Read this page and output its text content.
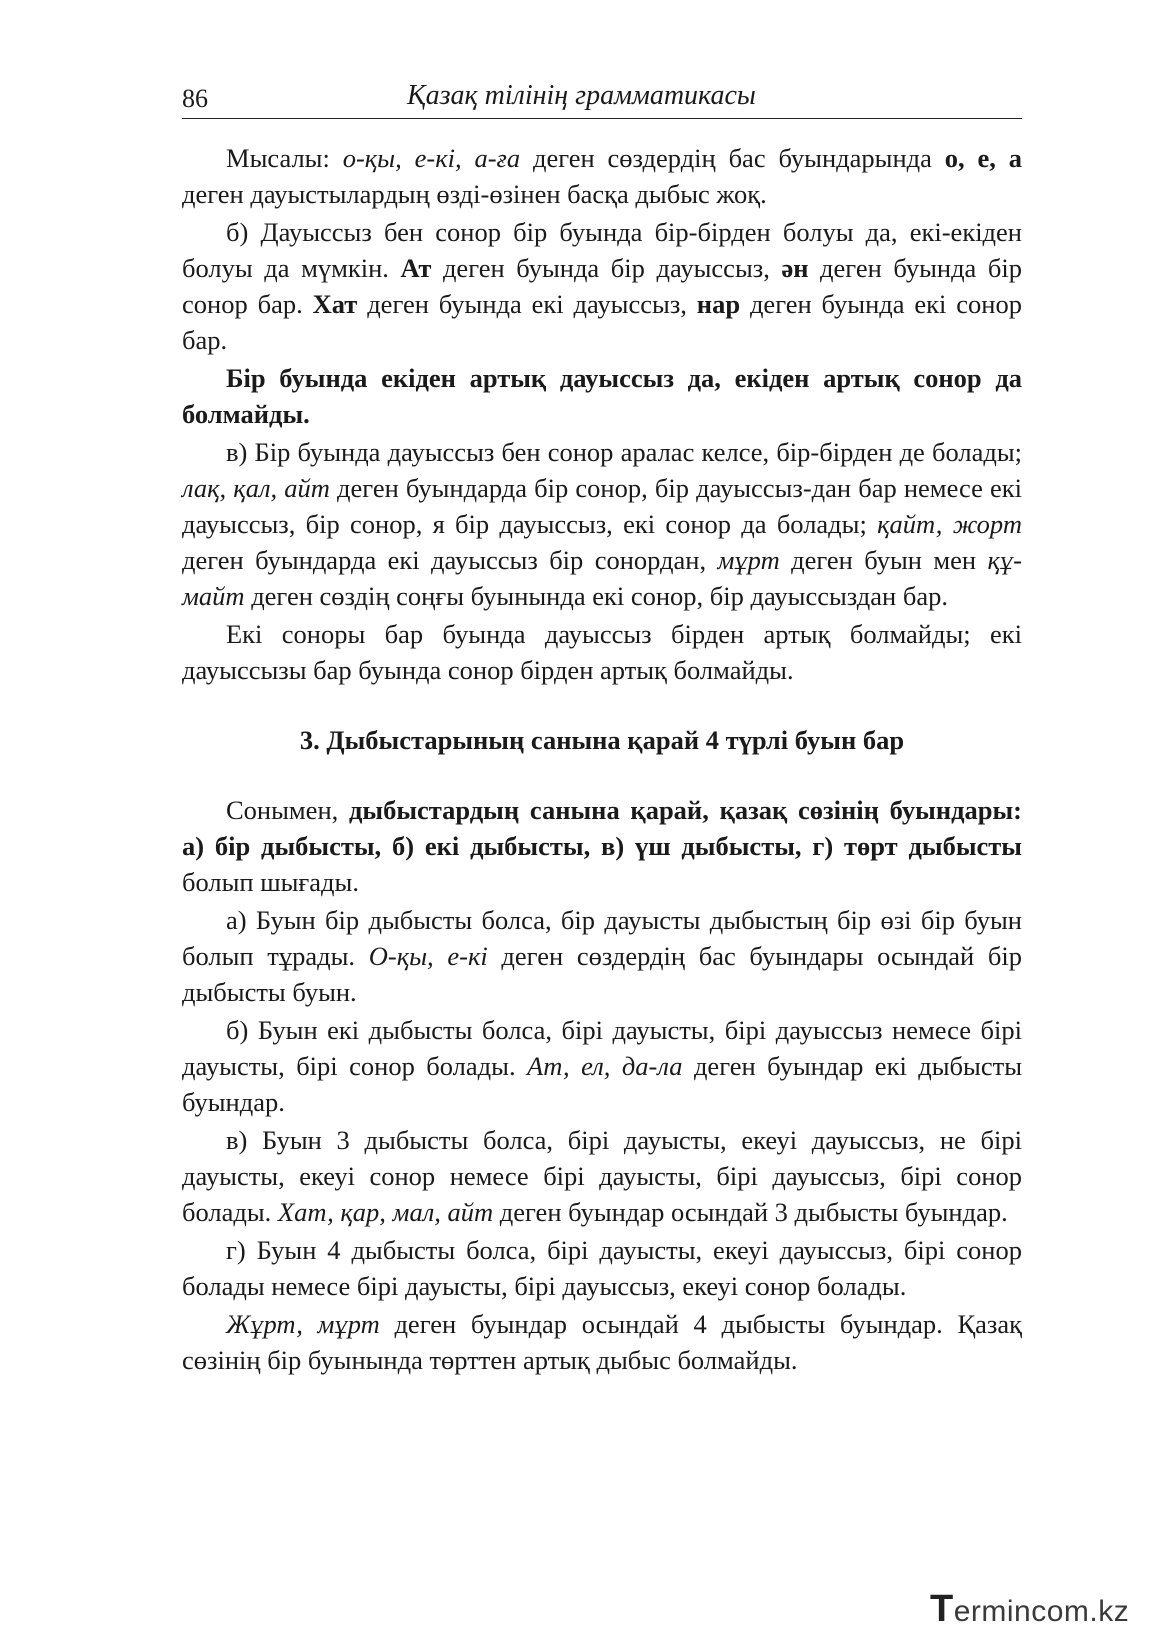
86	Қазақ тілінің грамматикасы

Мысалы: о-қы, е-кі, а-ға деген сөздердің бас буындарында о, е, а деген дауыстылардың өзді-өзінен басқа дыбыс жоқ.

б) Дауыссыз бен сонор бір буында бір-бірден болуы да, екі-екіден болуы да мүмкін. Ат деген буында бір дауыссыз, ән деген буында бір сонор бар. Хат деген буында екі дауыссыз, нар деген буында екі сонор бар.

Бір буында екіден артық дауыссыз да, екіден артық сонор да болмайды.

в) Бір буында дауыссыз бен сонор аралас келсе, бір-бірден де болады; лақ, қал, айт деген буындарда бір сонор, бір дауыссыз-дан бар немесе екі дауыссыз, бір сонор, я бір дауыссыз, екі сонор да болады; қайт, жорт деген буындарда екі дауыссыз бір сонордан, мұрт деген буын мен құ-майт деген сөздің соңғы буынында екі сонор, бір дауыссыздан бар.

Екі соноры бар буында дауыссыз бірден артық болмайды; екі дауыссызы бар буында сонор бірден артық болмайды.

3. Дыбыстарының санына қарай 4 түрлі буын бар

Сонымен, дыбыстардың санына қарай, қазақ сөзінің буындары: а) бір дыбысты, б) екі дыбысты, в) үш дыбысты, г) төрт дыбысты болып шығады.

а) Буын бір дыбысты болса, бір дауысты дыбыстың бір өзі бір буын болып тұрады. О-қы, е-кі деген сөздердің бас буындары осындай бір дыбысты буын.

б) Буын екі дыбысты болса, бірі дауысты, бірі дауыссыз немесе бірі дауысты, бірі сонор болады. Ат, ел, да-ла деген буындар екі дыбысты буындар.

в) Буын 3 дыбысты болса, бірі дауысты, екеуі дауыссыз, не бірі дауысты, екеуі сонор немесе бірі дауысты, бірі дауыссыз, бірі сонор болады. Хат, қар, мал, айт деген буындар осындай 3 дыбысты буындар.

г) Буын 4 дыбысты болса, бірі дауысты, екеуі дауыссыз, бірі сонор болады немесе бірі дауысты, бірі дауыссыз, екеуі сонор болады.

Жұрт, мұрт деген буындар осындай 4 дыбысты буындар. Қазақ сөзінің бір буынында төрттен артық дыбыс болмайды.

Termincom.kz
